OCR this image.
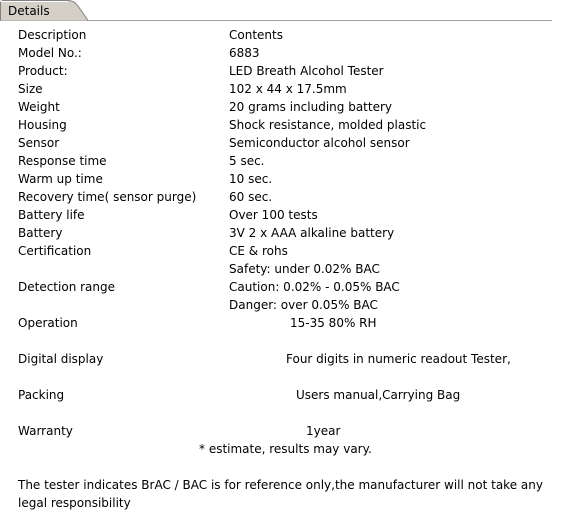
Details
Description	Contents
Model No.:	6883
Product:	LED Breath Alcohol Tester
Size	102 x 44 x 17.5mm
Weight	20 grams including battery
Housing	Shock resistance, molded plastic
Sensor	Semiconductor alcohol sensor
Response time	5 sec.
Warm up time	10 sec.
Recovery time( sensor purge)	60 sec.
Battery life	Over 100 tests
Battery	3V 2 x AAA alkaline battery
Certification	CE & rohs
Safety: under 0.02% BAC
Detection range	Caution: 0.02% - 0.05% BAC
Danger: over 0.05% BAC
Operation	15-35 80% RH
Digital display	Four digits in numeric readout Tester,
Packing	Users manual,Carrying Bag
Warranty	1year
* estimate, results may vary.
The tester indicates BrAC / BAC is for reference only,the manufacturer will not take any legal responsibility
